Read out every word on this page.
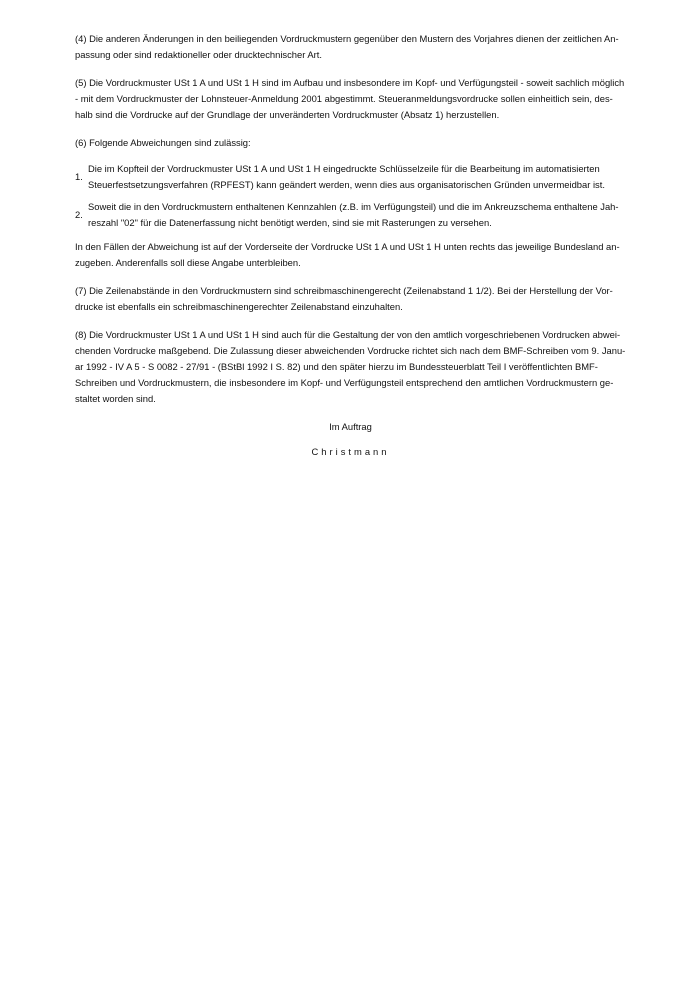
(4) Die anderen Änderungen in den beiliegenden Vordruckmustern gegenüber den Mustern des Vorjahres dienen der zeitlichen An-
passung oder sind redaktioneller oder drucktechnischer Art.

(5) Die Vordruckmuster USt 1 A und USt 1 H sind im Aufbau und insbesondere im Kopf- und Verfügungsteil - soweit sachlich möglich
- mit dem Vordruckmuster der Lohnsteuer-Anmeldung 2001 abgestimmt. Steueranmeldungsvordrucke sollen einheitlich sein, des-
halb sind die Vordrucke auf der Grundlage der unveränderten Vordruckmuster (Absatz 1) herzustellen.

(6) Folgende Abweichungen sind zulässig:

1.
Die im Kopfteil der Vordruckmuster USt 1 A und USt 1 H eingedruckte Schlüsselzeile für die Bearbeitung im automatisierten
Steuerfestsetzungsverfahren (RPFEST) kann geändert werden, wenn dies aus organisatorischen Gründen unvermeidbar ist.
2.
Soweit die in den Vordruckmustern enthaltenen Kennzahlen (z.B. im Verfügungsteil) und die im Ankreuzschema enthaltene Jah-
reszahl "02" für die Datenerfassung nicht benötigt werden, sind sie mit Rasterungen zu versehen.

In den Fällen der Abweichung ist auf der Vorderseite der Vordrucke USt 1 A und USt 1 H unten rechts das jeweilige Bundesland an-
zugeben. Anderenfalls soll diese Angabe unterbleiben.

(7) Die Zeilenabstände in den Vordruckmustern sind schreibmaschinengerecht (Zeilenabstand 1 1/2). Bei der Herstellung der Vor-
drucke ist ebenfalls ein schreibmaschinengerechter Zeilenabstand einzuhalten.

(8) Die Vordruckmuster USt 1 A und USt 1 H sind auch für die Gestaltung der von den amtlich vorgeschriebenen Vordrucken abwei-
chenden Vordrucke maßgebend. Die Zulassung dieser abweichenden Vordrucke richtet sich nach dem BMF-Schreiben vom 9. Janu-
ar 1992 - IV A 5 - S 0082 - 27/91 - (BStBl 1992 I S. 82) und den später hierzu im Bundessteuerblatt Teil I veröffentlichten BMF-
Schreiben und Vordruckmustern, die insbesondere im Kopf- und Verfügungsteil entsprechend den amtlichen Vordruckmustern ge-
staltet worden sind.

Im Auftrag
Christmann
